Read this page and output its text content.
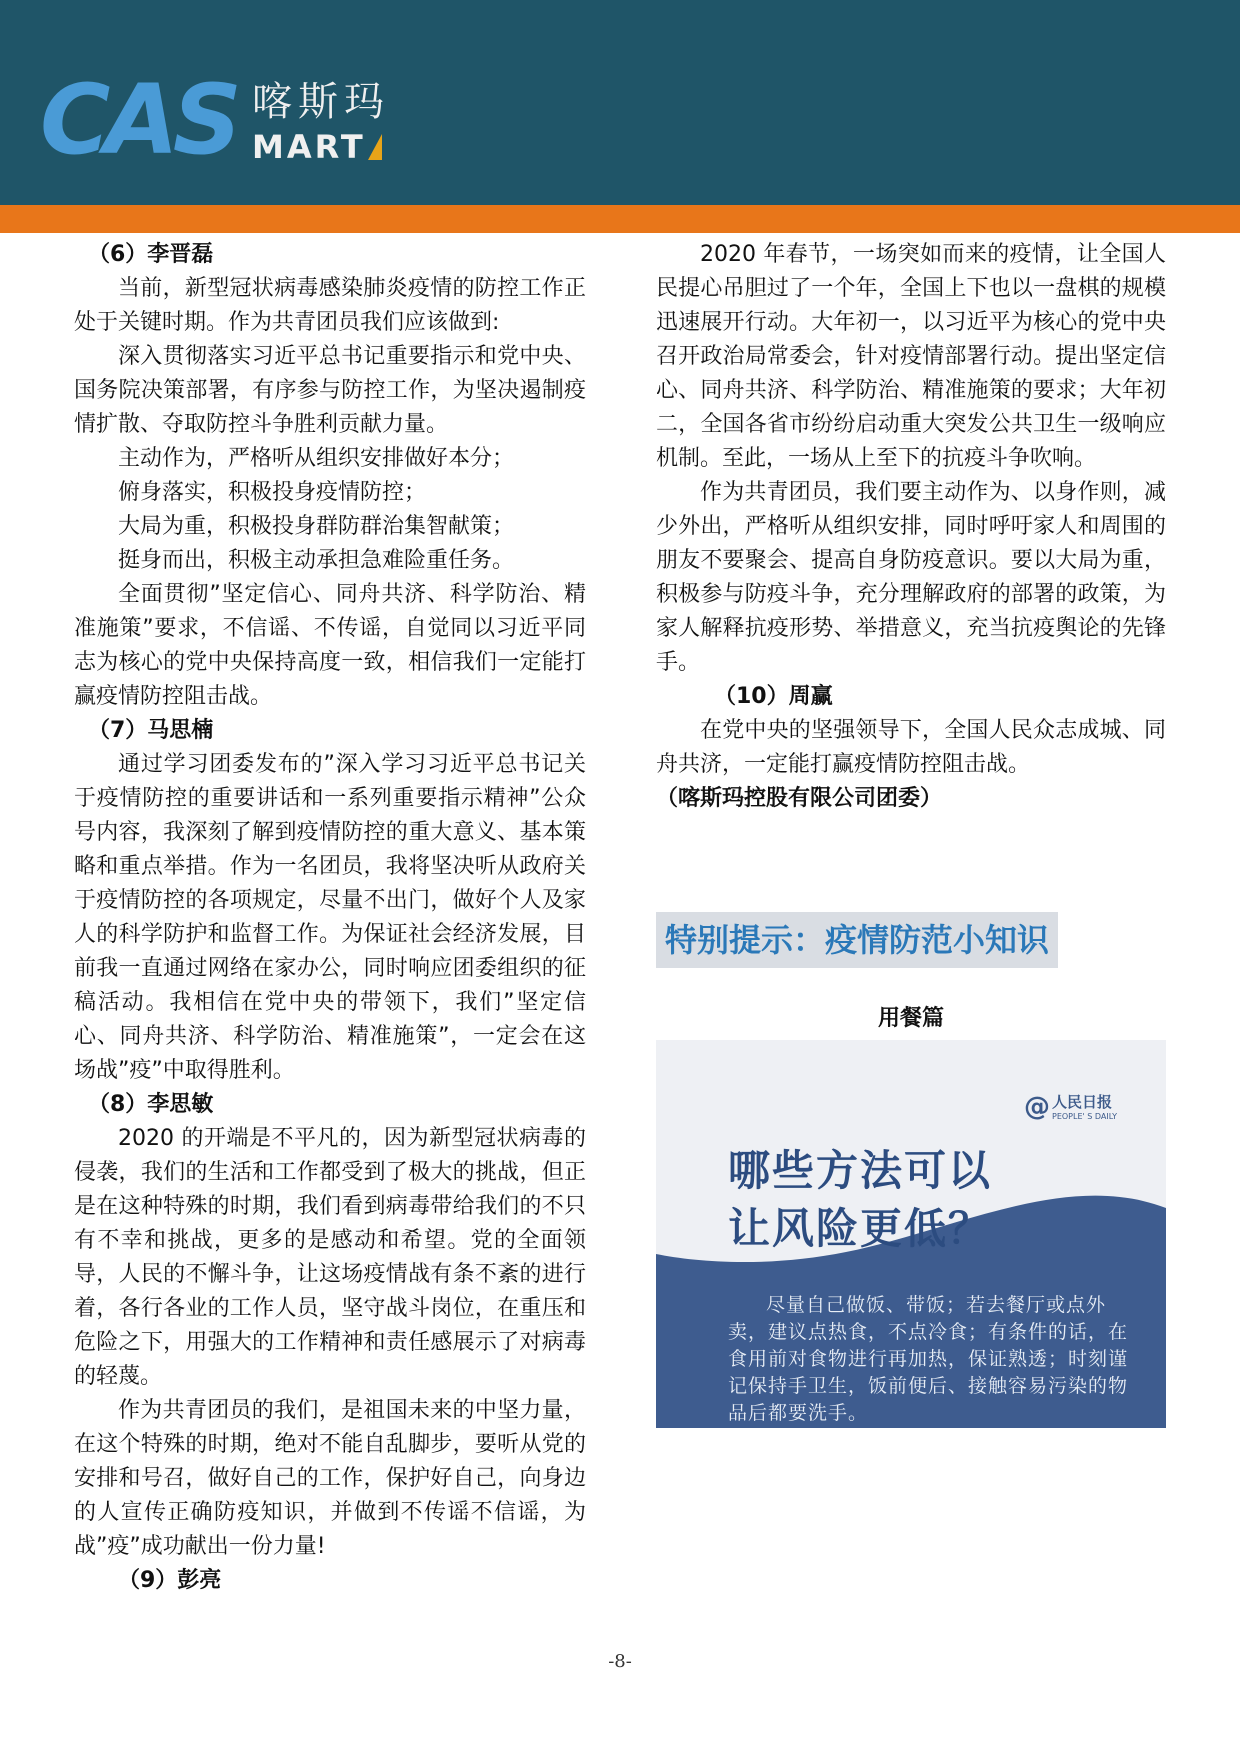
CAS 喀斯玛
MART

（6）李晋磊

当前，新型冠状病毒感染肺炎疫情的防控工作正处于关键时期。作为共青团员我们应该做到:

深入贯彻落实习近平总书记重要指示和党中央、国务院决策部署，有序参与防控工作，为坚决遏制疫情扩散、夺取防控斗争胜利贡献力量。

主动作为，严格听从组织安排做好本分；

俯身落实，积极投身疫情防控；

大局为重，积极投身群防群治集智献策；

挺身而出，积极主动承担急难险重任务。

全面贯彻”坚定信心、同舟共济、科学防治、精准施策”要求，不信谣、不传谣，自觉同以习近平同志为核心的党中央保持高度一致，相信我们一定能打赢疫情防控阻击战。

（7）马思楠

通过学习团委发布的”深入学习习近平总书记关于疫情防控的重要讲话和一系列重要指示精神”公众号内容，我深刻了解到疫情防控的重大意义、基本策略和重点举措。作为一名团员，我将坚决听从政府关于疫情防控的各项规定，尽量不出门，做好个人及家人的科学防护和监督工作。为保证社会经济发展，目前我一直通过网络在家办公，同时响应团委组织的征稿活动。我相信在党中央的带领下，我们”坚定信心、同舟共济、科学防治、精准施策”，一定会在这场战”疫”中取得胜利。

（8）李思敏

2020 的开端是不平凡的，因为新型冠状病毒的侵袭，我们的生活和工作都受到了极大的挑战，但正是在这种特殊的时期，我们看到病毒带给我们的不只有不幸和挑战，更多的是感动和希望。党的全面领导，人民的不懈斗争，让这场疫情战有条不紊的进行着，各行各业的工作人员，坚守战斗岗位，在重压和危险之下，用强大的工作精神和责任感展示了对病毒的轻蔑。

作为共青团员的我们，是祖国未来的中坚力量，在这个特殊的时期，绝对不能自乱脚步，要听从党的安排和号召，做好自己的工作，保护好自己，向身边的人宣传正确防疫知识，并做到不传谣不信谣，为战”疫”成功献出一份力量!

（9）彭亮

2020 年春节，一场突如而来的疫情，让全国人民提心吊胆过了一个年，全国上下也以一盘棋的规模迅速展开行动。大年初一，以习近平为核心的党中央召开政治局常委会，针对疫情部署行动。提出坚定信心、同舟共济、科学防治、精准施策的要求；大年初二，全国各省市纷纷启动重大突发公共卫生一级响应机制。至此，一场从上至下的抗疫斗争吹响。

作为共青团员，我们要主动作为、以身作则，减少外出，严格听从组织安排，同时呼吁家人和周围的朋友不要聚会、提高自身防疫意识。要以大局为重，积极参与防疫斗争，充分理解政府的部署的政策，为家人解释抗疫形势、举措意义，充当抗疫舆论的先锋手。

（10）周赢

在党中央的坚强领导下，全国人民众志成城、同舟共济，一定能打赢疫情防控阻击战。

（喀斯玛控股有限公司团委）

特别提示：疫情防范小知识
用餐篇
@ 人民日报
PEOPLE' S DAILY
哪些方法可以
让风险更低？
尽量自己做饭、带饭；若去餐厅或点外卖，建议点热食，不点冷食；有条件的话，在食用前对食物进行再加热，保证熟透；时刻谨记保持手卫生，饭前便后、接触容易污染的物品后都要洗手。
-8-
